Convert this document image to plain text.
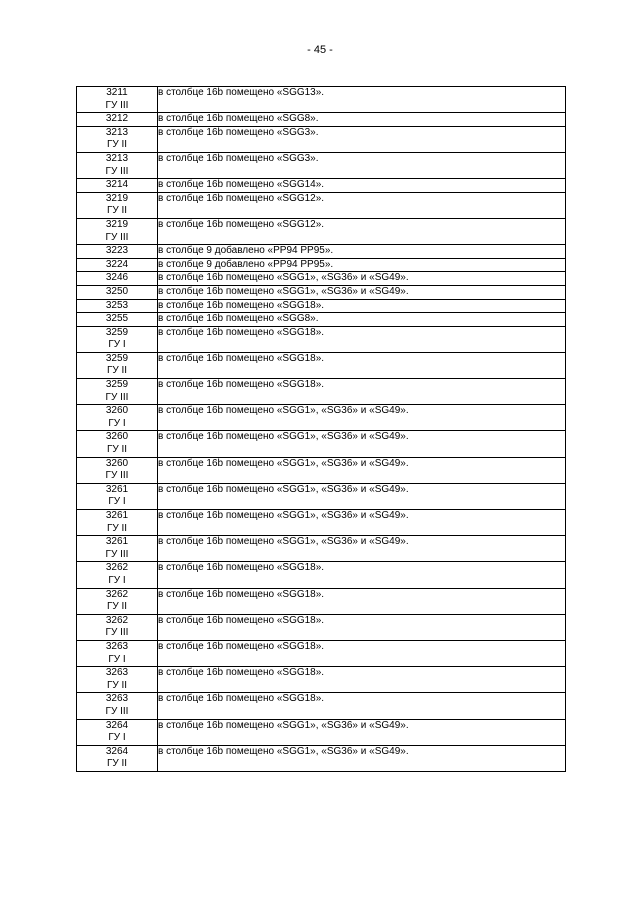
- 45 -
3211
ГУ III	в столбце 16b помещено «SGG13».

3212	в столбце 16b помещено «SGG8».

3213
ГУ II	в столбце 16b помещено «SGG3».

3213
ГУ III	в столбце 16b помещено «SGG3».

3214	в столбце 16b помещено «SGG14».

3219
ГУ II	в столбце 16b помещено «SGG12».

3219
ГУ III	в столбце 16b помещено «SGG12».

3223	в столбце 9 добавлено «PP94 PP95».

3224	в столбце 9 добавлено «PP94 PP95».

3246	в столбце 16b помещено «SGG1», «SG36» и «SG49».

3250	в столбце 16b помещено «SGG1», «SG36» и «SG49».

3253	в столбце 16b помещено «SGG18».

3255	в столбце 16b помещено «SGG8».

3259
ГУ I	в столбце 16b помещено «SGG18».

3259
ГУ II	в столбце 16b помещено «SGG18».

3259
ГУ III	в столбце 16b помещено «SGG18».

3260
ГУ I	в столбце 16b помещено «SGG1», «SG36» и «SG49».

3260
ГУ II	в столбце 16b помещено «SGG1», «SG36» и «SG49».

3260
ГУ III	в столбце 16b помещено «SGG1», «SG36» и «SG49».

3261
ГУ I	в столбце 16b помещено «SGG1», «SG36» и «SG49».

3261
ГУ II	в столбце 16b помещено «SGG1», «SG36» и «SG49».

3261
ГУ III	в столбце 16b помещено «SGG1», «SG36» и «SG49».

3262
ГУ I	в столбце 16b помещено «SGG18».

3262
ГУ II	в столбце 16b помещено «SGG18».

3262
ГУ III	в столбце 16b помещено «SGG18».

3263
ГУ I	в столбце 16b помещено «SGG18».

3263
ГУ II	в столбце 16b помещено «SGG18».

3263
ГУ III	в столбце 16b помещено «SGG18».

3264
ГУ I	в столбце 16b помещено «SGG1», «SG36» и «SG49».

3264
ГУ II	в столбце 16b помещено «SGG1», «SG36» и «SG49».
